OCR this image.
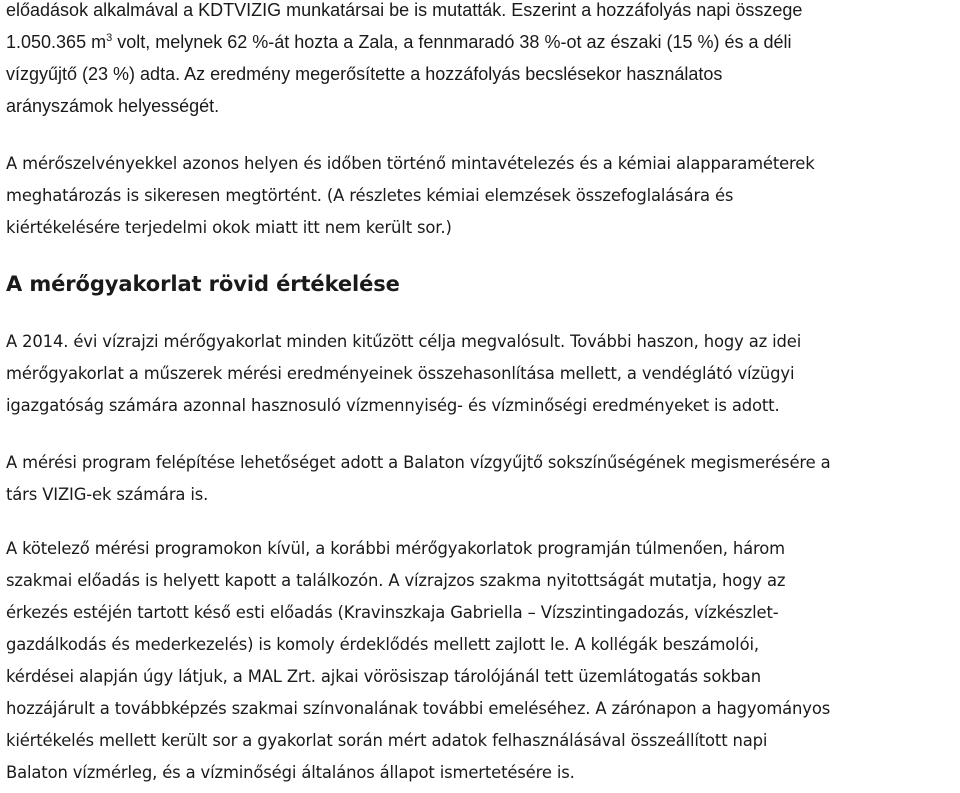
előadások alkalmával a KDTVIZIG munkatársai be is mutatták. Eszerint a hozzáfolyás napi összege
1.050.365 $m^3$ volt, melynek 62 %-át hozta a Zala, a fennmaradó 38 %-ot az északi (15 %) és a déli
vízgyűjtő (23 %) adta. Az eredmény megerősítette a hozzáfolyás becslésekor használatos
arányszámok helyességét.
A mérőszelvényekkel azonos helyen és időben történő mintavételezés és a kémiai alapparaméterek
meghatározás is sikeresen megtörtént. (A részletes kémiai elemzések összefoglalására és
kiértékelésére terjedelmi okok miatt itt nem került sor.)
A mérőgyakorlat rövid értékelése
A 2014. évi vízrajzi mérőgyakorlat minden kitűzött célja megvalósult. További haszon, hogy az idei
mérőgyakorlat a műszerek mérési eredményeinek összehasonlítása mellett, a vendéglátó vízügyi
igazgatóság számára azonnal hasznosuló vízmennyiség- és vízminőségi eredményeket is adott.
A mérési program felépítése lehetőséget adott a Balaton vízgyűjtő sokszínűségének megismerésére a
társ VIZIG-ek számára is.
A kötelező mérési programokon kívül, a korábbi mérőgyakorlatok programján túlmenően, három
szakmai előadás is helyett kapott a találkozón. A vízrajzos szakma nyitottságát mutatja, hogy az
érkezés estéjén tartott késő esti előadás (Kravinszkaja Gabriella – Vízszintingadozás, vízkészlet-
gazdálkodás és mederkezelés) is komoly érdeklődés mellett zajlott le. A kollégák beszámolói,
kérdései alapján úgy látjuk, a MAL Zrt. ajkai vörösiszap tárolójánál tett üzemlátogatás sokban
hozzájárult a továbbképzés szakmai színvonalának további emeléséhez. A zárónapon a hagyományos
kiértékelés mellett került sor a gyakorlat során mért adatok felhasználásával összeállított napi
Balaton vízmérleg, és a vízminőségi általános állapot ismertetésére is.
